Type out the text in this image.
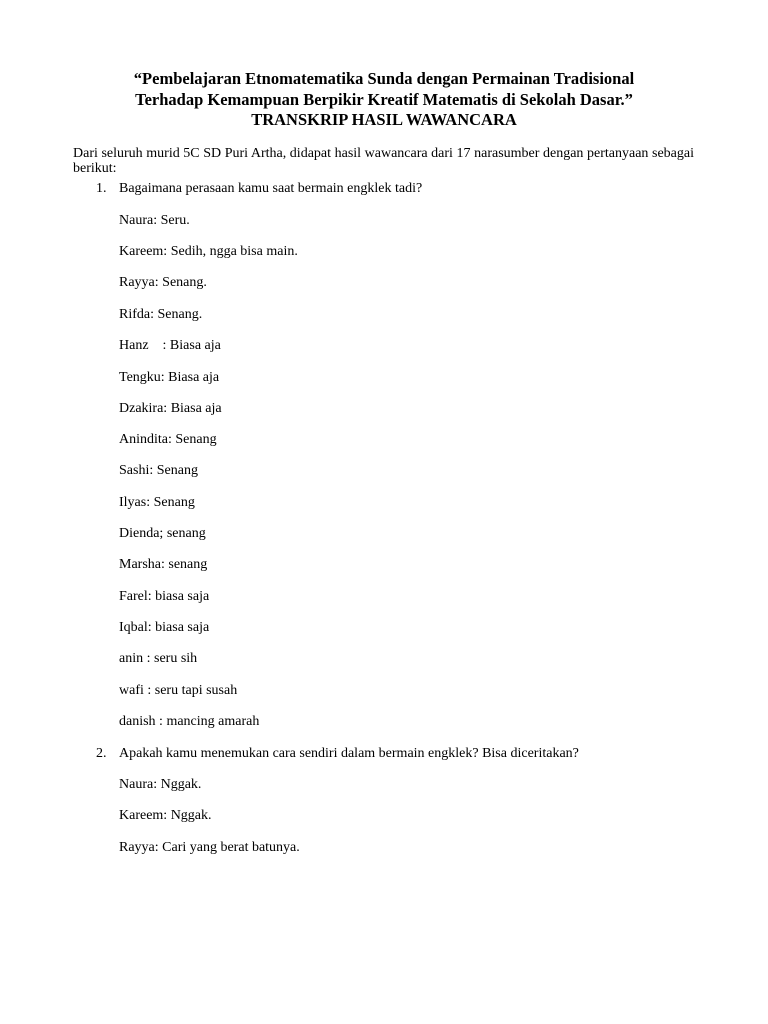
“Pembelajaran Etnomatematika Sunda dengan Permainan Tradisional

Terhadap Kemampuan Berpikir Kreatif Matematis di Sekolah Dasar.”

TRANSKRIP HASIL WAWANCARA

Dari seluruh murid 5C SD Puri Artha, didapat hasil wawancara dari 17 narasumber dengan pertanyaan sebagai berikut:

1. Bagaimana perasaan kamu saat bermain engklek tadi?

Naura: Seru.

Kareem: Sedih, ngga bisa main.

Rayya: Senang.

Rifda: Senang.

Hanz    : Biasa aja

Tengku: Biasa aja

Dzakira: Biasa aja

Anindita: Senang

Sashi: Senang

Ilyas: Senang

Dienda; senang

Marsha: senang

Farel: biasa saja

Iqbal: biasa saja

anin : seru sih

wafi : seru tapi susah

danish : mancing amarah

2. Apakah kamu menemukan cara sendiri dalam bermain engklek? Bisa diceritakan?

Naura: Nggak.

Kareem: Nggak.

Rayya: Cari yang berat batunya.
